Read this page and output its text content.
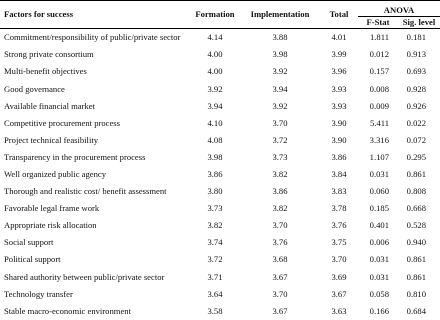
Factors for success	Formation	Implementation	Total	ANOVA	
				F-Stat	Sig. level
Commitment/responsibility of public/private sector	4.14	3.88	4.01	1.811	0.181
Strong private consortium	4.00	3.98	3.99	0.012	0.913
Multi-benefit objectives	4.00	3.92	3.96	0.157	0.693
Good governance	3.92	3.94	3.93	0.008	0.928
Available financial market	3.94	3.92	3.93	0.009	0.926
Competitive procurement process	4.10	3.70	3.90	5.411	0.022
Project technical feasibility	4.08	3.72	3.90	3.316	0.072
Transparency in the procurement process	3.98	3.73	3.86	1.107	0.295
Well organized public agency	3.86	3.82	3.84	0.031	0.861
Thorough and realistic cost/ benefit assessment	3.80	3.86	3.83	0.060	0.808
Favorable legal frame work	3.73	3.82	3.78	0.185	0.668
Appropriate risk allocation	3.82	3.70	3.76	0.401	0.528
Social support	3.74	3.76	3.75	0.006	0.940
Political support	3.72	3.68	3.70	0.031	0.861
Shared authority between public/private sector	3.71	3.67	3.69	0.031	0.861
Technology transfer	3.64	3.70	3.67	0.058	0.810
Stable macro-economic environment	3.58	3.67	3.63	0.166	0.684
